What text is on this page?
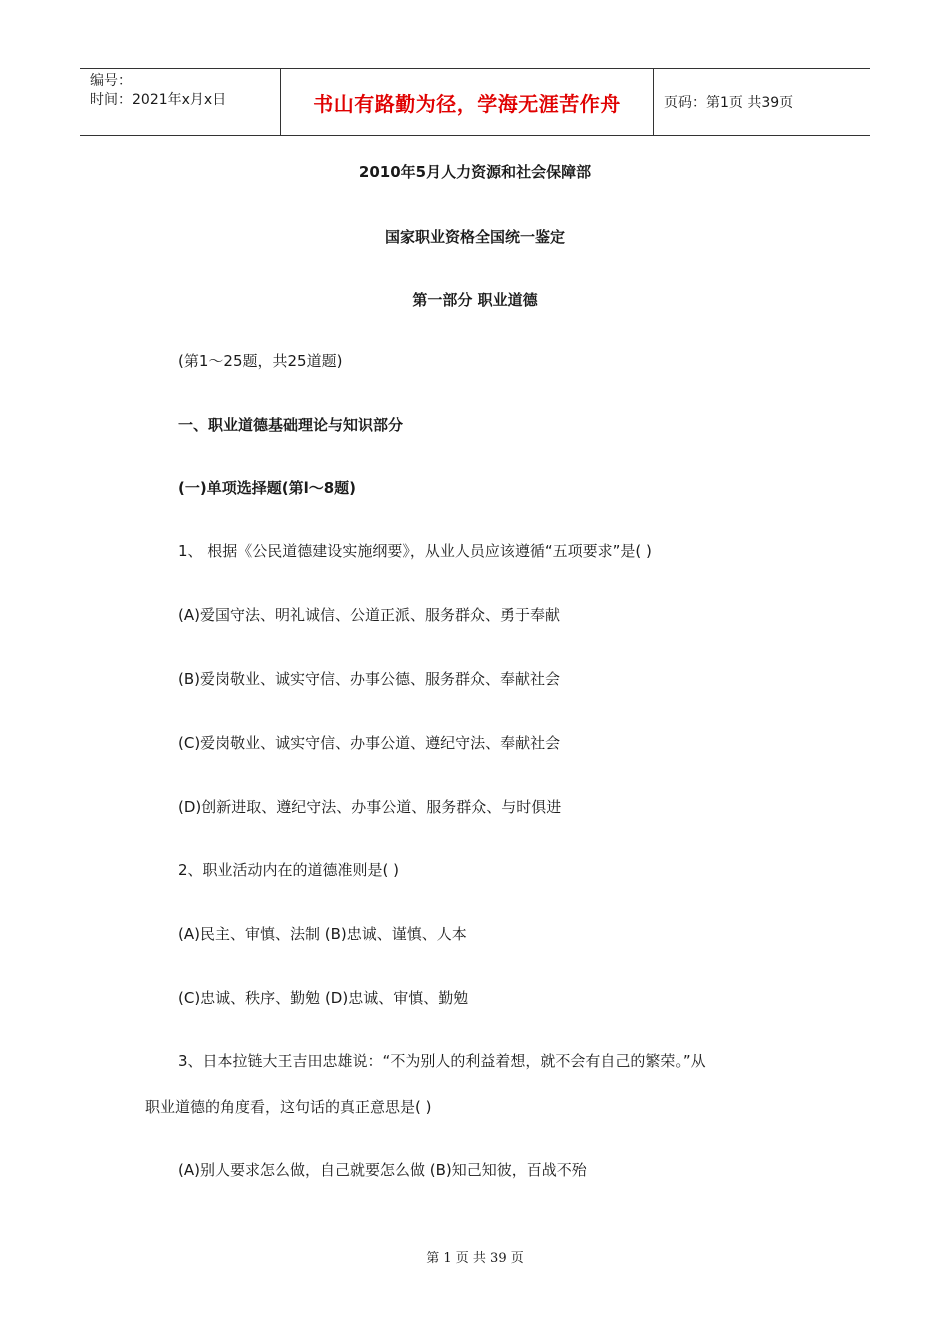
编号：
时间：2021年x月x日	书山有路勤为径，学海无涯苦作舟	页码：第1页 共39页
2010年5月人力资源和社会保障部
国家职业资格全国统一鉴定
第一部分 职业道德
(第1～25题，共25道题)
一、职业道德基础理论与知识部分
(一)单项选择题(第l～8题)
1、 根据《公民道德建设实施纲要》，从业人员应该遵循“五项要求”是( )
(A)爱国守法、明礼诚信、公道正派、服务群众、勇于奉献
(B)爱岗敬业、诚实守信、办事公德、服务群众、奉献社会
(C)爱岗敬业、诚实守信、办事公道、遵纪守法、奉献社会
(D)创新进取、遵纪守法、办事公道、服务群众、与时俱进
2、职业活动内在的道德准则是( )
(A)民主、审慎、法制 (B)忠诚、谨慎、人本
(C)忠诚、秩序、勤勉 (D)忠诚、审慎、勤勉
3、日本拉链大王吉田忠雄说：“不为别人的利益着想，就不会有自己的繁荣。”从
职业道德的角度看，这句话的真正意思是( )
(A)别人要求怎么做，自己就要怎么做 (B)知己知彼，百战不殆
第 1 页 共 39 页
